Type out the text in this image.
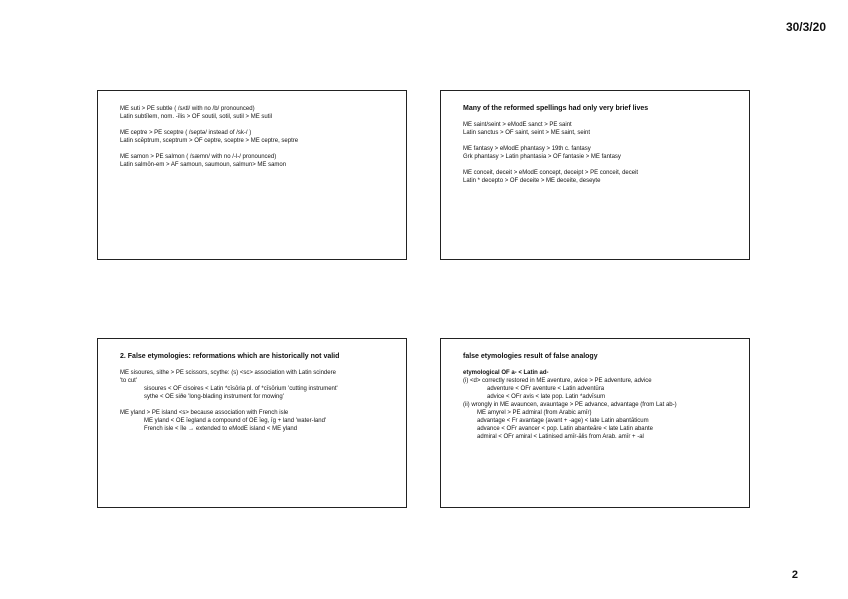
30/3/20
ME suti > PE subtle ( /sʌtl/ with no /b/ pronounced)
Latin subtīlem, nom. -īlis > OF soutil, sotil, sutil > ME sutil
ME ceptre > PE sceptre ( /septə/ instead of /sk-/ )
Latin scēptrum, sceptrum > OF ceptre, sceptre > ME ceptre, septre
ME samon > PE salmon ( /sæmn/ with no /-l-/ pronounced)
Latin salmōn-em > AF samoun, saumoun, salmun> ME samon
Many of the reformed spellings had only very brief lives
ME saint/seint > eModE sanct > PE saint
Latin sanctus > OF saint, seint > ME saint, seint
ME fantasy > eModE phantasy > 19th c. fantasy
Grk phantasy > Latin phantasia > OF fantasie > ME fantasy
ME conceit, deceit > eModE concept, deceipt > PE conceit, deceit
Latin * decepto > OF deceite > ME deceite, deseyte
2. False etymologies: reformations which are historically not valid
ME sisoures, sithe > PE scissors, scythe: (s) <sc> association with Latin scindere
'to cut'
sisoures < OF cisoires < Latin *cīsōria pl. of *cīsōrium 'cutting instrument'
sythe < OE siðe 'long-blading instrument for mowing'
ME yland > PE island <s> because association with French isle
ME yland < OE īegland a compound of OE īeg, īg + land 'water-land'
French isle < île → extended to eModE island < ME yland
false etymologies result of false analogy
etymological OF a- < Latin ad-
(i) <d> correctly restored in ME aventure, avice > PE adventure, advice
adventure < OFr aventure < Latin adventūra
advice < OFr avis < late pop. Latin *advīsum
(ii) wrongly in ME avauncen, avauntage > PE advance, advantage (from Lat ab-)
ME amyrel > PE admiral (from Arabic amīr)
advantage < Fr avantage (avant + -age) < late Latin abantāticum
advance < OFr avancer < pop. Latin abanteāre < late Latin abante
admiral < OFr amiral < Latinised amīr-ālis from Arab. amīr + -al
2
